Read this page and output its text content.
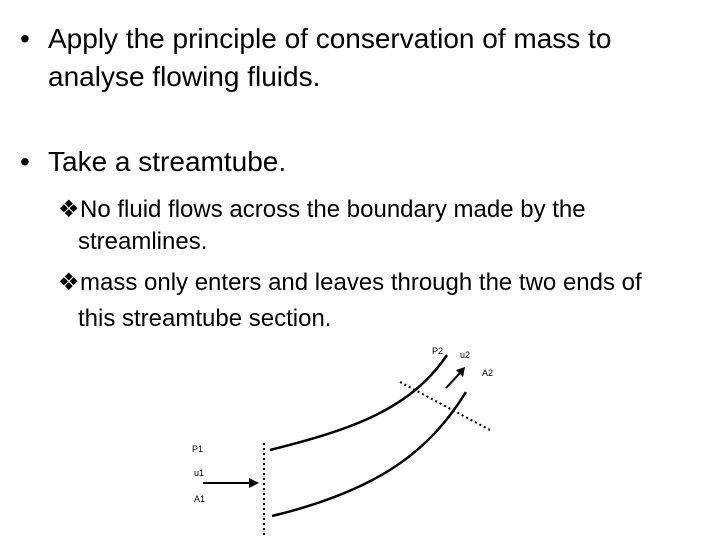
• Apply the principle of conservation of mass to
analyse flowing fluids.
• Take a streamtube.
❖ No fluid flows across the boundary made by the
streamlines.
❖ mass only enters and leaves through the two ends of
this streamtube section.
P2 u2
A2
P1
u1
A1
